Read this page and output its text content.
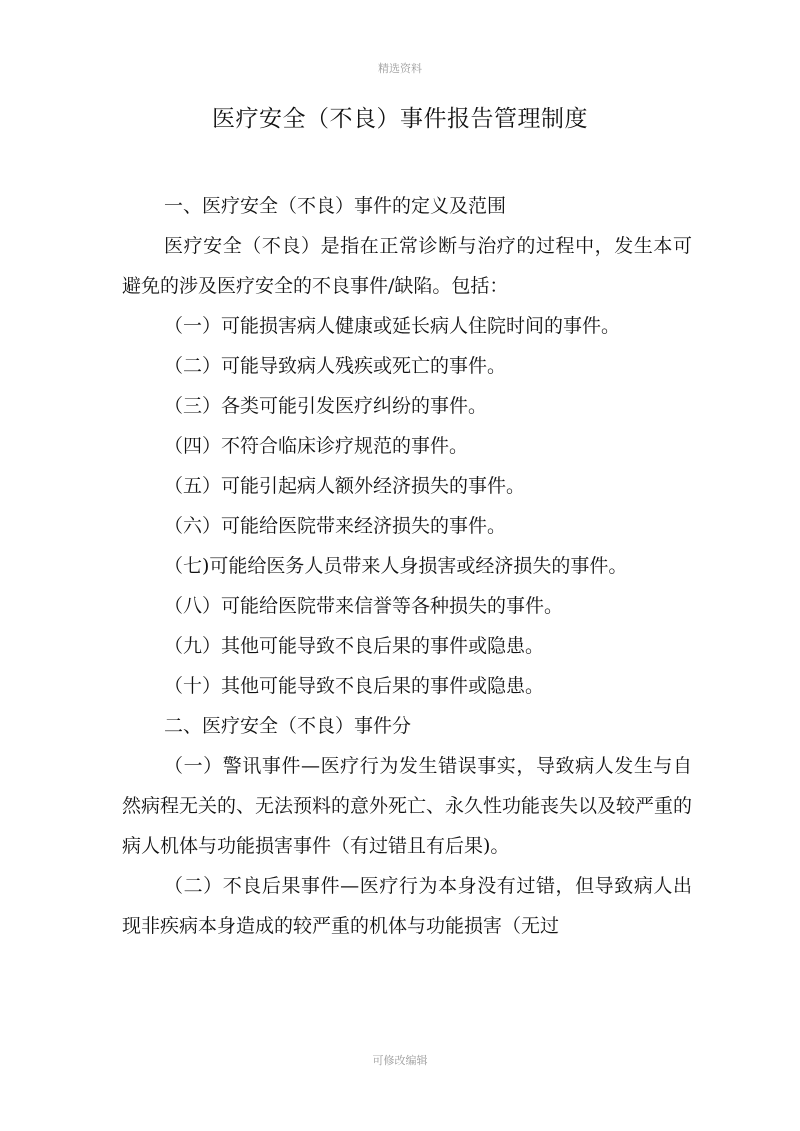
精选资料
医疗安全（不良）事件报告管理制度

一、医疗安全（不良）事件的定义及范围

医疗安全（不良）是指在正常诊断与治疗的过程中，发生本可避免的涉及医疗安全的不良事件/缺陷。包括：

（一）可能损害病人健康或延长病人住院时间的事件。

（二）可能导致病人残疾或死亡的事件。

（三）各类可能引发医疗纠纷的事件。

（四）不符合临床诊疗规范的事件。

（五）可能引起病人额外经济损失的事件。

（六）可能给医院带来经济损失的事件。

（七)可能给医务人员带来人身损害或经济损失的事件。

（八）可能给医院带来信誉等各种损失的事件。

（九）其他可能导致不良后果的事件或隐患。

（十）其他可能导致不良后果的事件或隐患。

二、医疗安全（不良）事件分

（一）警讯事件—医疗行为发生错误事实，导致病人发生与自然病程无关的、无法预料的意外死亡、永久性功能丧失以及较严重的病人机体与功能损害事件（有过错且有后果)。

（二）不良后果事件—医疗行为本身没有过错，但导致病人出现非疾病本身造成的较严重的机体与功能损害（无过

可修改编辑
